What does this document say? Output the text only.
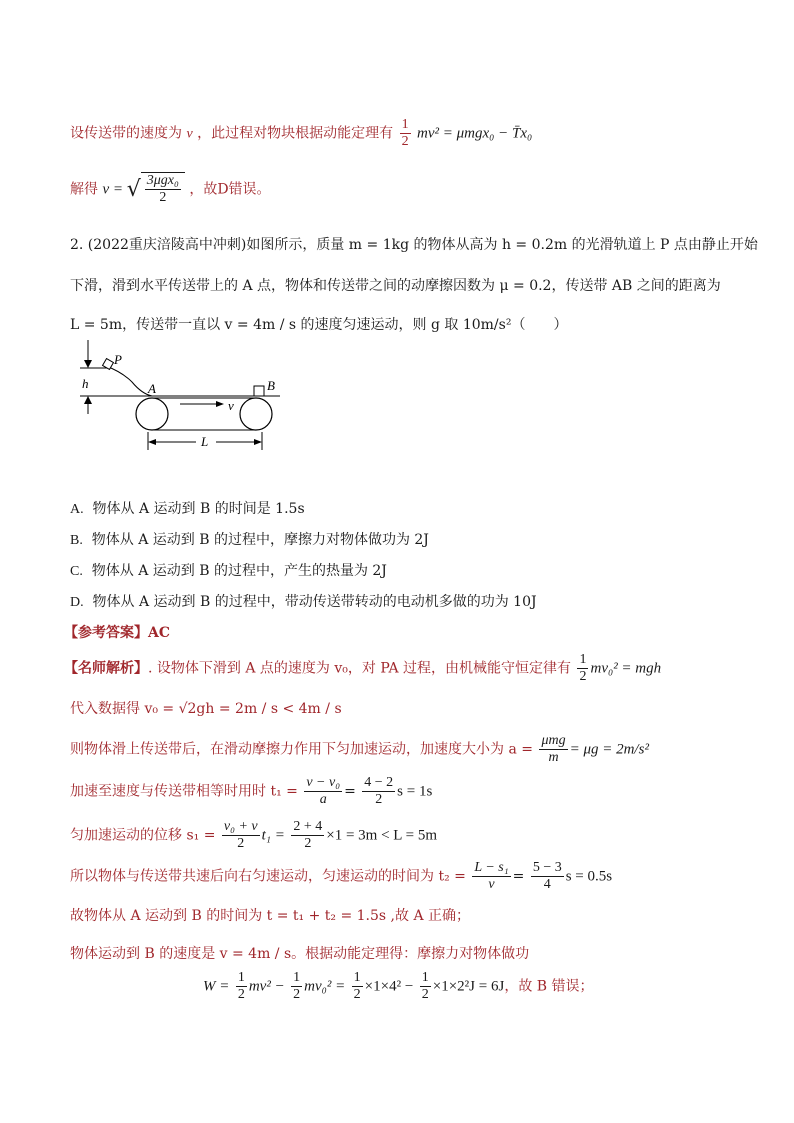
设传送带的速度为 v ，此过程对物块根据动能定理有 $\frac{1}{2} mv^2 = \mu mgx_0$ − T̄x₀
解得 v = √ $\frac{\text{3μgx₀}}{2}$ ，故D错误。
2. (2022重庆涪陵高中冲刺)如图所示，质量 m = 1kg 的物体从高为 h = 0.2m 的光滑轨道上 P 点由静止开始
下滑，滑到水平传送带上的 A 点，物体和传送带之间的动摩擦因数为 μ = 0.2，传送带 AB 之间的距离为
L = 5m，传送带一直以 v = 4m / s 的速度匀速运动，则 g 取 10m/s²（　　）
P
h	A	B
v
L
A. 物体从 A 运动到 B 的时间是 1.5s
B. 物体从 A 运动到 B 的过程中，摩擦力对物体做功为 2J
C. 物体从 A 运动到 B 的过程中，产生的热量为 2J
D. 物体从 A 运动到 B 的过程中，带动传送带转动的电动机多做的功为 10J
【参考答案】AC
【名师解析】. 设物体下滑到 A 点的速度为 v₀，对 PA 过程，由机械能守恒定律有 $\frac{1}{2} mv_0^2$ = mgh
代入数据得 v₀ = √2gh = 2m / s < 4m / s
则物体滑上传送带后，在滑动摩擦力作用下匀加速运动，加速度大小为 $a = \frac{\text{μmg}}{m} = \mu g = 2m/s^2$
加速至速度与传送带相等时用时 $t_1 = \frac{\text{v − v₀}}{a} = \frac{4 - 2}{2}$ s = 1s
匀加速运动的位移 $s_1 = \frac{\text{v₀ + v}}{2} t_1 = \frac{2 + 4}{2} \times 1 = 3m < L = 5m$
所以物体与传送带共速后向右匀速运动，匀速运动的时间为 $t_2 = \frac{\text{L − s₁}}{v} = \frac{5 - 3}{4}$ s = 0.5s
故物体从 A 运动到 B 的时间为 t = t₁ + t₂ = 1.5s ,故 A 正确；
物体运动到 B 的速度是 v = 4m / s。根据动能定理得：摩擦力对物体做功
$W = \frac{1}{2} mv^2 - \frac{1}{2} mv_0^2 = \frac{1}{2} \times 1\times 4^2 - \frac{1}{2} \times 1\times 2^2J = 6J$，故 B 错误；
